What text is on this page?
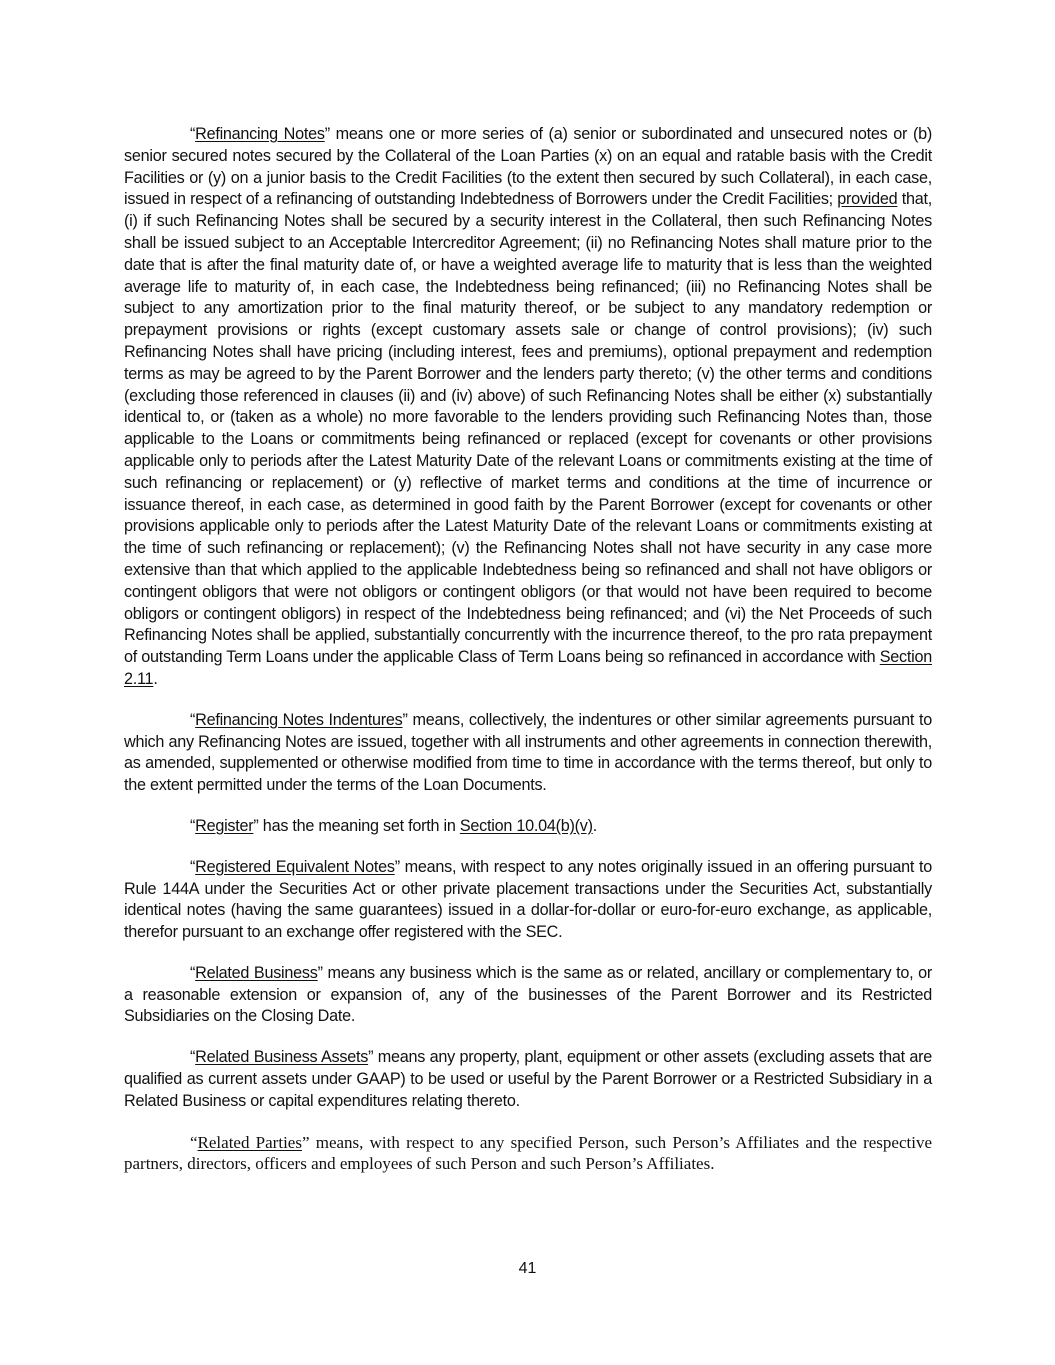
“Refinancing Notes” means one or more series of (a) senior or subordinated and unsecured notes or (b) senior secured notes secured by the Collateral of the Loan Parties (x) on an equal and ratable basis with the Credit Facilities or (y) on a junior basis to the Credit Facilities (to the extent then secured by such Collateral), in each case, issued in respect of a refinancing of outstanding Indebtedness of Borrowers under the Credit Facilities; provided that, (i) if such Refinancing Notes shall be secured by a security interest in the Collateral, then such Refinancing Notes shall be issued subject to an Acceptable Intercreditor Agreement; (ii) no Refinancing Notes shall mature prior to the date that is after the final maturity date of, or have a weighted average life to maturity that is less than the weighted average life to maturity of, in each case, the Indebtedness being refinanced; (iii) no Refinancing Notes shall be subject to any amortization prior to the final maturity thereof, or be subject to any mandatory redemption or prepayment provisions or rights (except customary assets sale or change of control provisions); (iv) such Refinancing Notes shall have pricing (including interest, fees and premiums), optional prepayment and redemption terms as may be agreed to by the Parent Borrower and the lenders party thereto; (v) the other terms and conditions (excluding those referenced in clauses (ii) and (iv) above) of such Refinancing Notes shall be either (x) substantially identical to, or (taken as a whole) no more favorable to the lenders providing such Refinancing Notes than, those applicable to the Loans or commitments being refinanced or replaced (except for covenants or other provisions applicable only to periods after the Latest Maturity Date of the relevant Loans or commitments existing at the time of such refinancing or replacement) or (y) reflective of market terms and conditions at the time of incurrence or issuance thereof, in each case, as determined in good faith by the Parent Borrower (except for covenants or other provisions applicable only to periods after the Latest Maturity Date of the relevant Loans or commitments existing at the time of such refinancing or replacement); (v) the Refinancing Notes shall not have security in any case more extensive than that which applied to the applicable Indebtedness being so refinanced and shall not have obligors or contingent obligors that were not obligors or contingent obligors (or that would not have been required to become obligors or contingent obligors) in respect of the Indebtedness being refinanced; and (vi) the Net Proceeds of such Refinancing Notes shall be applied, substantially concurrently with the incurrence thereof, to the pro rata prepayment of outstanding Term Loans under the applicable Class of Term Loans being so refinanced in accordance with Section 2.11.

“Refinancing Notes Indentures” means, collectively, the indentures or other similar agreements pursuant to which any Refinancing Notes are issued, together with all instruments and other agreements in connection therewith, as amended, supplemented or otherwise modified from time to time in accordance with the terms thereof, but only to the extent permitted under the terms of the Loan Documents.

“Register” has the meaning set forth in Section 10.04(b)(v).

“Registered Equivalent Notes” means, with respect to any notes originally issued in an offering pursuant to Rule 144A under the Securities Act or other private placement transactions under the Securities Act, substantially identical notes (having the same guarantees) issued in a dollar-for-dollar or euro-for-euro exchange, as applicable, therefor pursuant to an exchange offer registered with the SEC.

“Related Business” means any business which is the same as or related, ancillary or complementary to, or a reasonable extension or expansion of, any of the businesses of the Parent Borrower and its Restricted Subsidiaries on the Closing Date.

“Related Business Assets” means any property, plant, equipment or other assets (excluding assets that are qualified as current assets under GAAP) to be used or useful by the Parent Borrower or a Restricted Subsidiary in a Related Business or capital expenditures relating thereto.

“Related Parties” means, with respect to any specified Person, such Person’s Affiliates and the respective partners, directors, officers and employees of such Person and such Person’s Affiliates.

41
